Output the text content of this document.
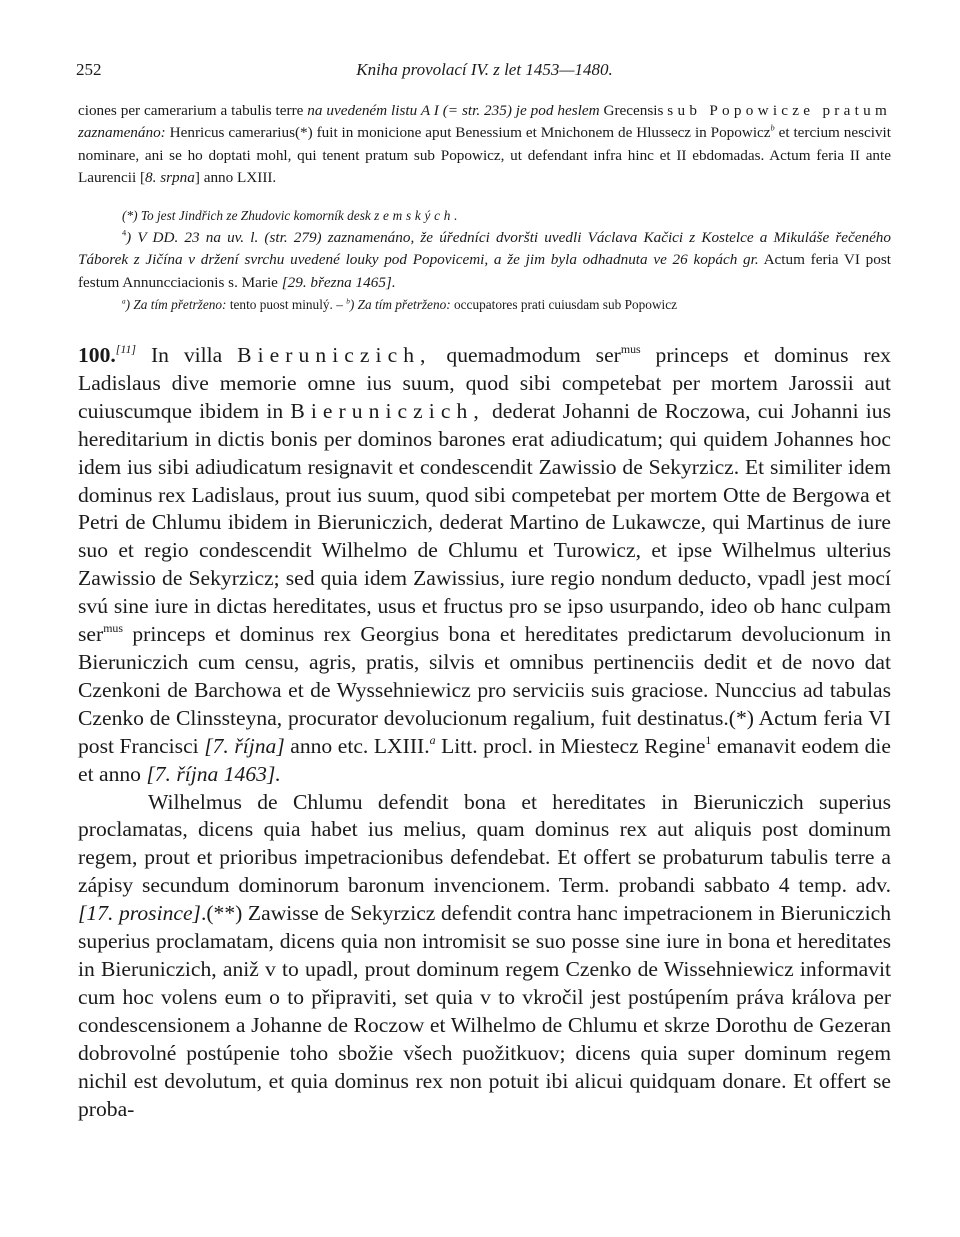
252	Kniha provolací IV. z let 1453—1480.

ciones per camerarium a tabulis terre na uvedeném listu A I (= str. 235) je pod heslem Grecensis sub Popowicze pratum zaznamenáno: Henricus camerarius(*) fuit in monicione aput Benessium et Mnichonem de Hlussecz in Popowicz$^b$ et tercium nescivit nominare, ani se ho doptati mohl, qui tenent pratum sub Popowicz, ut defendant infra hinc et II ebdomadas. Actum feria II ante Laurencii [8. srpna] anno LXIII.

(*) To jest Jindřich ze Zhudovic komorník desk zemských.

$^4$) V DD. 23 na uv. l. (str. 279) zaznamenáno, že úředníci dvoršti uvedli Václava Kačici z Kostelce a Mikuláše řečeného Táborek z Jičína v držení svrchu uvedené louky pod Popovicemi, a že jim byla odhadnuta ve 26 kopách gr. Actum feria VI post festum Annuncciacionis s. Marie [29. března 1465].

$^a$) Za tím přetrženo: tento puost minulý. – $^b$) Za tím přetrženo: occupatores prati cuiusdam sub Popowicz

100.[11] In villa Bieruniczich, quemadmodum ser$^{mus}$ princeps et dominus rex Ladislaus dive memorie omne ius suum, quod sibi competebat per mortem Jarossii aut cuiuscumque ibidem in Bieruniczich, dederat Johanni de Roczowa, cui Johanni ius hereditarium in dictis bonis per dominos barones erat adiudicatum; qui quidem Johannes hoc idem ius sibi adiudicatum resignavit et condescendit Zawissio de Sekyrzicz. Et similiter idem dominus rex Ladislaus, prout ius suum, quod sibi competebat per mortem Otte de Bergowa et Petri de Chlumu ibidem in Bieruniczich, dederat Martino de Lukawcze, qui Martinus de iure suo et regio condescendit Wilhelmo de Chlumu et Turowicz, et ipse Wilhelmus ulterius Zawissio de Sekyrzicz; sed quia idem Zawissius, iure regio nondum deducto, vpadl jest mocí svú sine iure in dictas hereditates, usus et fructus pro se ipso usurpando, ideo ob hanc culpam ser$^{mus}$ princeps et dominus rex Georgius bona et hereditates predictarum devolucionum in Bieruniczich cum censu, agris, pratis, silvis et omnibus pertinenciis dedit et de novo dat Czenkoni de Barchowa et de Wyssehniewicz pro serviciis suis graciose. Nunccius ad tabulas Czenko de Clinssteyna, procurator devolucionum regalium, fuit destinatus.(*) Actum feria VI post Francisci [7. října] anno etc. LXIII.$^a$ Litt. procl. in Miestecz Regine$^1$ emanavit eodem die et anno [7. října 1463].

Wilhelmus de Chlumu defendit bona et hereditates in Bieruniczich superius proclamatas, dicens quia habet ius melius, quam dominus rex aut aliquis post dominum regem, prout et prioribus impetracionibus defendebat. Et offert se probaturum tabulis terre a zápisy secundum dominorum baronum invencionem. Term. probandi sabbato 4 temp. adv. [17. prosince].(**) Zawisse de Sekyrzicz defendit contra hanc impetracionem in Bieruniczich superius proclamatam, dicens quia non intromisit se suo posse sine iure in bona et hereditates in Bieruniczich, aniž v to upadl, prout dominum regem Czenko de Wissehniewicz informavit cum hoc volens eum o to připraviti, set quia v to vkročil jest postúpením práva králova per condescensionem a Johanne de Roczow et Wilhelmo de Chlumu et skrze Dorothu de Gezeran dobrovolné postúpenie toho sbožie všech puožitkuov; dicens quia super dominum regem nichil est devolutum, et quia dominus rex non potuit ibi alicui quidquam donare. Et offert se proba-
